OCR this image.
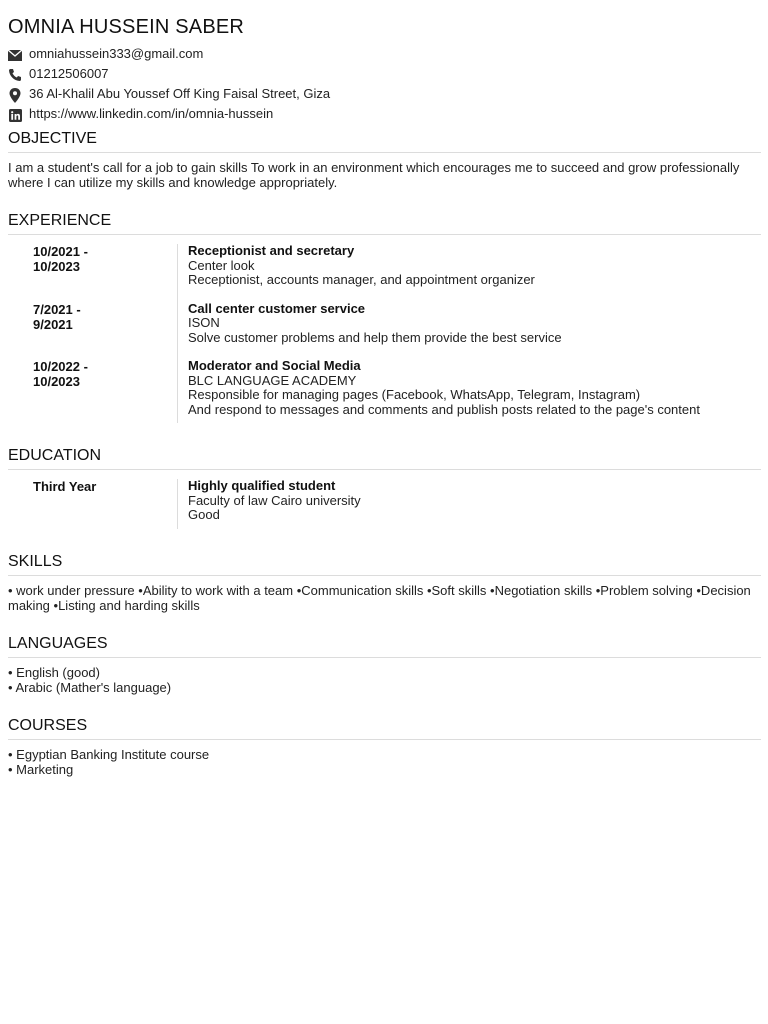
OMNIA HUSSEIN SABER
omniahussein333@gmail.com
01212506007
36 Al-Khalil Abu Youssef Off King Faisal Street, Giza
https://www.linkedin.com/in/omnia-hussein
OBJECTIVE
I am a student's call for a job to gain skills To work in an environment which encourages me to succeed and grow professionally where I can utilize my skills and knowledge appropriately.
EXPERIENCE
10/2021 -
10/2023
Receptionist and secretary
Center look
Receptionist, accounts manager, and appointment organizer
7/2021 -
9/2021
Call center customer service
ISON
Solve customer problems and help them provide the best service
10/2022 -
10/2023
Moderator and Social Media
BLC LANGUAGE ACADEMY
Responsible for managing pages (Facebook, WhatsApp, Telegram, Instagram)
And respond to messages and comments and publish posts related to the page's content
EDUCATION
Third Year	Highly qualified student
Faculty of law Cairo university
Good
SKILLS
• work under pressure •Ability to work with a team •Communication skills •Soft skills •Negotiation skills •Problem solving •Decision making •Listing and harding skills
LANGUAGES
• English (good)
• Arabic (Mather's language)
COURSES
• Egyptian Banking Institute course
• Marketing
